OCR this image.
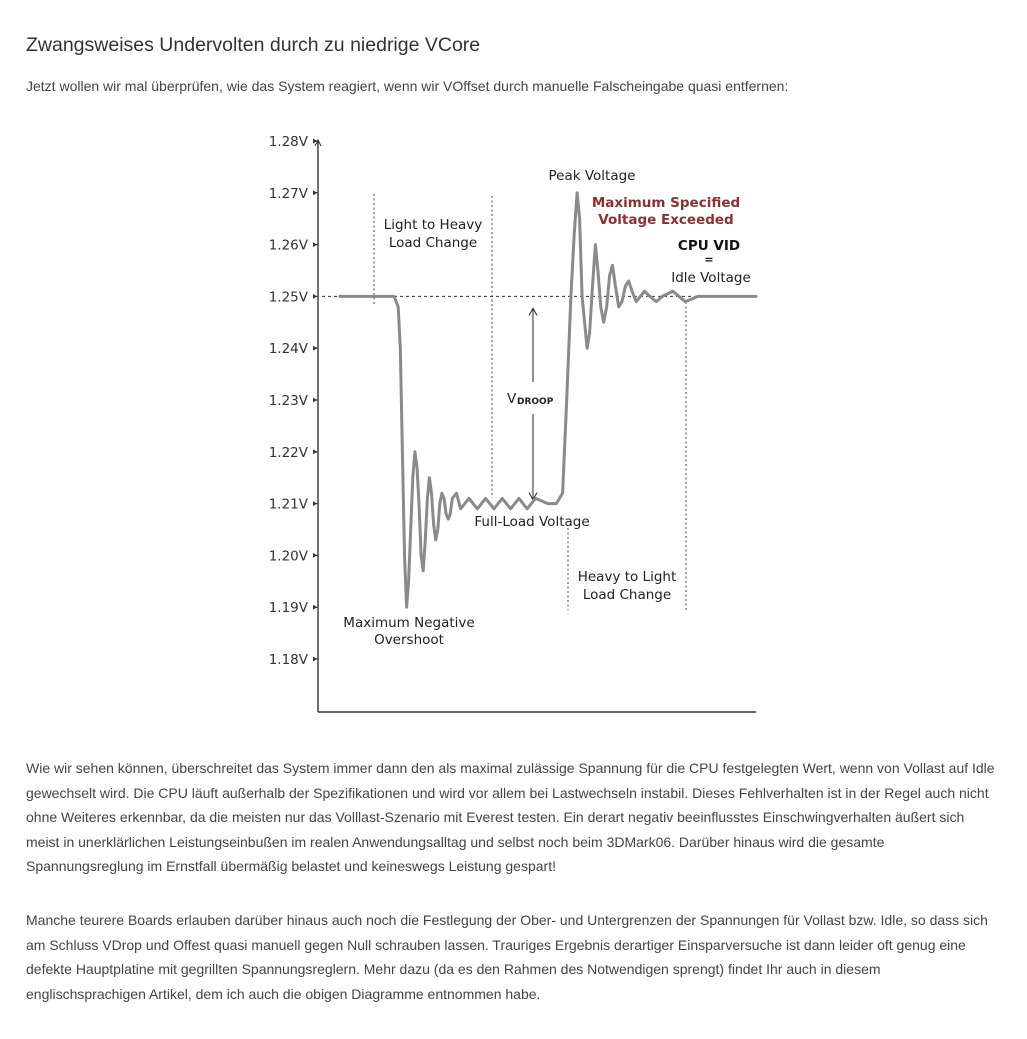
Zwangsweises Undervolten durch zu niedrige VCore

Jetzt wollen wir mal überprüfen, wie das System reagiert, wenn wir VOffset durch manuelle Falscheingabe quasi entfernen:

1.28V
1.27V
1.26V
1.25V
1.24V
1.23V
1.22V
1.21V
1.20V
1.19V
1.18V
Light to Heavy
Load Change
Heavy to Light
Load Change
Peak Voltage
Maximum Specified
Voltage Exceeded
CPU VID
=
Idle Voltage
V DROOP
Full-Load Voltage
Maximum Negative
Overshoot

Wie wir sehen können, überschreitet das System immer dann den als maximal zulässige Spannung für die CPU festgelegten Wert, wenn von Vollast auf Idle gewechselt wird. Die CPU läuft außerhalb der Spezifikationen und wird vor allem bei Lastwechseln instabil. Dieses Fehlverhalten ist in der Regel auch nicht ohne Weiteres erkennbar, da die meisten nur das Volllast-Szenario mit Everest testen. Ein derart negativ beeinflusstes Einschwingverhalten äußert sich meist in unerklärlichen Leistungseinbußen im realen Anwendungsalltag und selbst noch beim 3DMark06. Darüber hinaus wird die gesamte Spannungsreglung im Ernstfall übermäßig belastet und keineswegs Leistung gespart!

Manche teurere Boards erlauben darüber hinaus auch noch die Festlegung der Ober- und Untergrenzen der Spannungen für Vollast bzw. Idle, so dass sich am Schluss VDrop und Offest quasi manuell gegen Null schrauben lassen. Trauriges Ergebnis derartiger Einsparversuche ist dann leider oft genug eine defekte Hauptplatine mit gegrillten Spannungsreglern. Mehr dazu (da es den Rahmen des Notwendigen sprengt) findet Ihr auch in diesem englischsprachigen Artikel, dem ich auch die obigen Diagramme entnommen habe.
